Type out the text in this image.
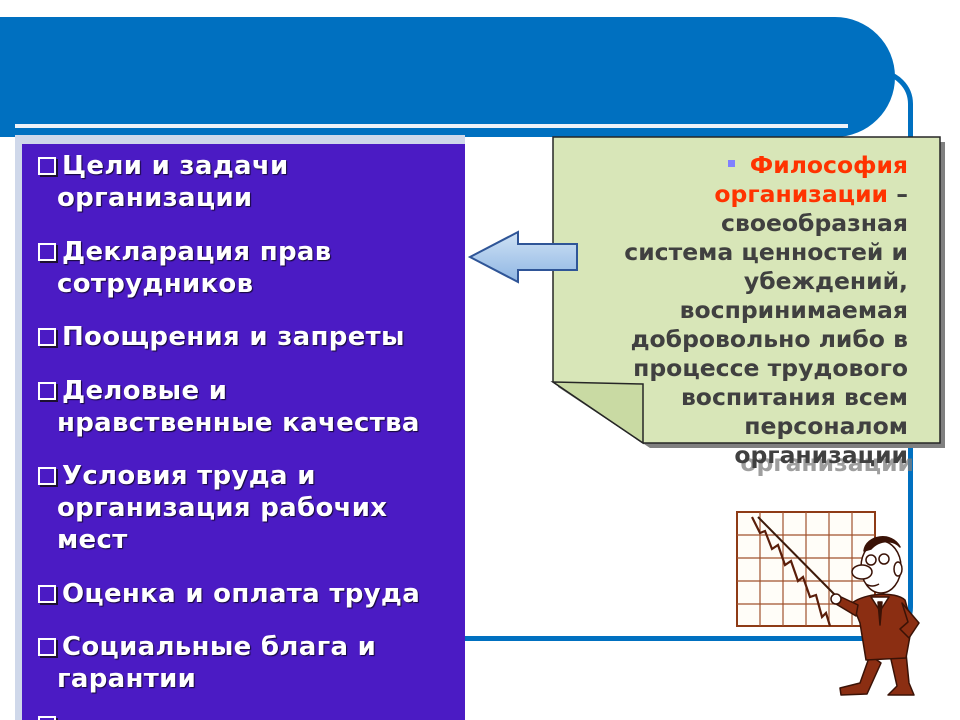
Цели и задачи
организации
Декларация прав
сотрудников
Поощрения и запреты
Деловые и
нравственные качества
Условия труда и
организация рабочих
мест
Оценка и оплата труда
Социальные блага и
гарантии
Философия
организации –
своеобразная
система ценностей и
убеждений,
воспринимаемая
добровольно либо в
процессе трудового
воспитания всем
персоналом
организации
